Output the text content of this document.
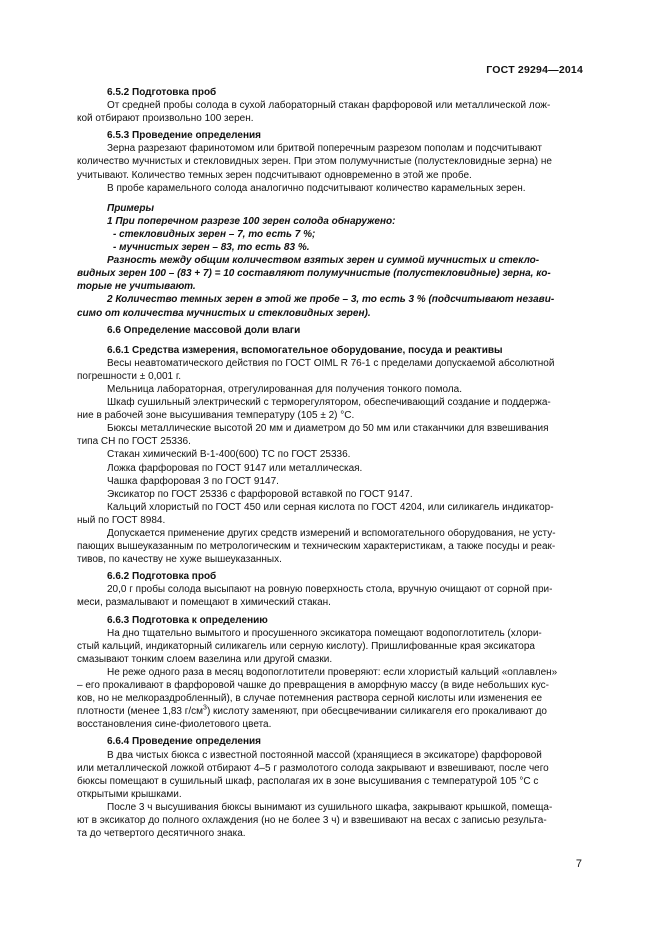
ГОСТ 29294—2014

6.5.2 Подготовка проб

От средней пробы солода в сухой лабораторный стакан фарфоровой или металлической лож-

кой отбирают произвольно 100 зерен.

6.5.3 Проведение определения

Зерна разрезают фаринотомом или бритвой поперечным разрезом пополам и подсчитывают

количество мучнистых и стекловидных зерен. При этом полумучнистые (полустекловидные зерна) не

учитывают. Количество темных зерен подсчитывают одновременно в этой же пробе.

В пробе карамельного солода аналогично подсчитывают количество карамельных зерен.

Примеры

1 При поперечном разрезе 100 зерен солода обнаружено:

- стекловидных зерен – 7, то есть 7 %;

- мучнистых зерен – 83, то есть 83 %.

Разность между общим количеством взятых зерен и суммой мучнистых и стекло-

видных зерен 100 – (83 + 7) = 10 составляют полумучнистые (полустекловидные) зерна, ко-

торые не учитывают.

2 Количество темных зерен в этой же пробе – 3, то есть 3 % (подсчитывают незави-

симо от количества мучнистых и стекловидных зерен).

6.6 Определение массовой доли влаги

6.6.1 Средства измерения, вспомогательное оборудование, посуда и реактивы

Весы неавтоматического действия по ГОСТ OIML R 76-1 с пределами допускаемой абсолютной

погрешности ± 0,001 г.

Мельница лабораторная, отрегулированная для получения тонкого помола.

Шкаф сушильный электрический с терморегулятором, обеспечивающий создание и поддержа-

ние в рабочей зоне высушивания температуру (105 ± 2) °С.

Бюксы металлические высотой 20 мм и диаметром до 50 мм или стаканчики для взвешивания

типа СН по ГОСТ 25336.

Стакан химический В-1-400(600) ТС по ГОСТ 25336.

Ложка фарфоровая по ГОСТ 9147 или металлическая.

Чашка фарфоровая 3 по ГОСТ 9147.

Эксикатор по ГОСТ 25336 с фарфоровой вставкой по ГОСТ 9147.

Кальций хлористый по ГОСТ 450 или серная кислота по ГОСТ 4204, или силикагель индикатор-

ный по ГОСТ 8984.

Допускается применение других средств измерений и вспомогательного оборудования, не усту-

пающих вышеуказанным по метрологическим и техническим характеристикам, а также посуды и реак-

тивов, по качеству не хуже вышеуказанных.

6.6.2 Подготовка проб

20,0 г пробы солода высыпают на ровную поверхность стола, вручную очищают от сорной при-

меси, размалывают и помещают в химический стакан.

6.6.3 Подготовка к определению

На дно тщательно вымытого и просушенного эксикатора помещают водопоглотитель (хлори-

стый кальций, индикаторный силикагель или серную кислоту). Пришлифованные края эксикатора

смазывают тонким слоем вазелина или другой смазки.

Не реже одного раза в месяц водопоглотители проверяют: если хлористый кальций «оплавлен»

– его прокаливают в фарфоровой чашке до превращения в аморфную массу (в виде небольших кус-

ков, но не мелкораздробленный), в случае потемнения раствора серной кислоты или изменения ее

плотности (менее 1,83 $г/см^3$) кислоту заменяют, при обесцвечивании силикагеля его прокаливают до

восстановления сине-фиолетового цвета.

6.6.4 Проведение определения

В два чистых бюкса с известной постоянной массой (хранящиеся в эксикаторе) фарфоровой

или металлической ложкой отбирают 4–5 г размолотого солода закрывают и взвешивают, после чего

бюксы помещают в сушильный шкаф, располагая их в зоне высушивания с температурой 105 °С с

открытыми крышками.

После 3 ч высушивания бюксы вынимают из сушильного шкафа, закрывают крышкой, помеща-

ют в эксикатор до полного охлаждения (но не более 3 ч) и взвешивают на весах с записью результа-

та до четвертого десятичного знака.

7
